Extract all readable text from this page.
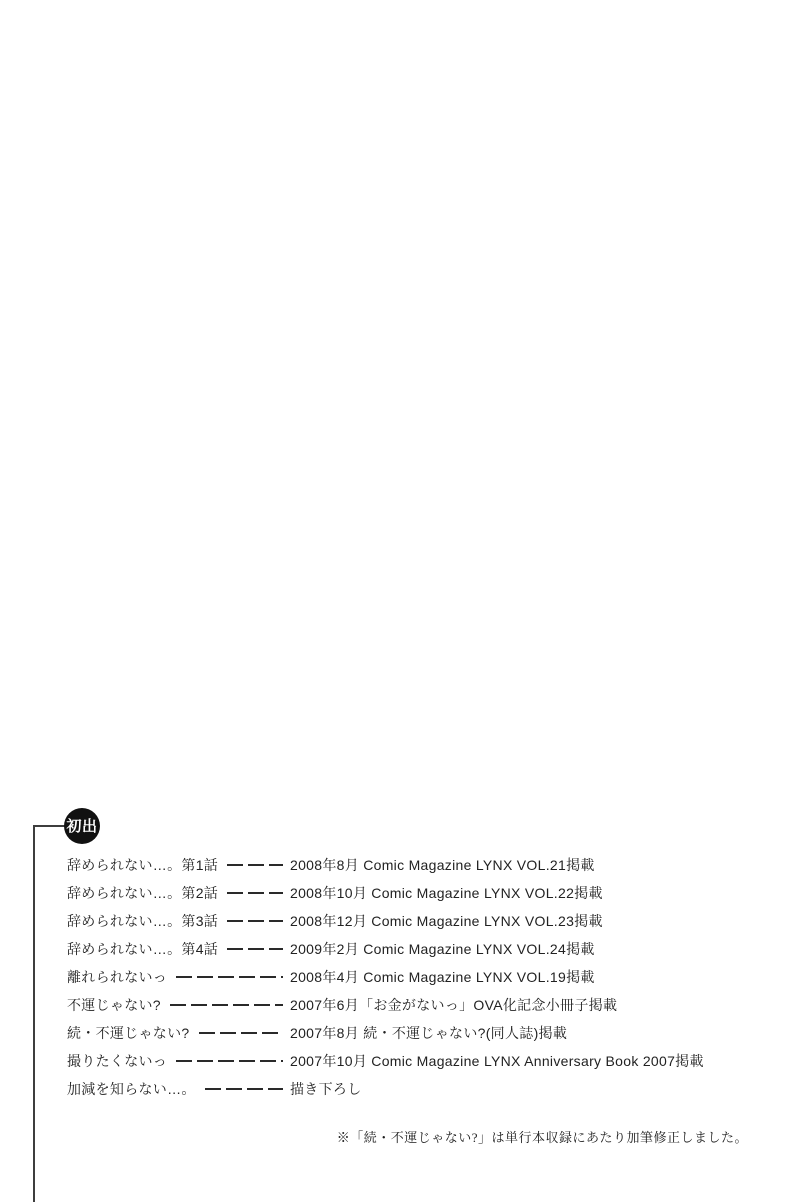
初出
辞められない…。第1話	2008年8月 Comic Magazine LYNX VOL.21掲載
辞められない…。第2話	2008年10月 Comic Magazine LYNX VOL.22掲載
辞められない…。第3話	2008年12月 Comic Magazine LYNX VOL.23掲載
辞められない…。第4話	2009年2月 Comic Magazine LYNX VOL.24掲載
離れられないっ	2008年4月 Comic Magazine LYNX VOL.19掲載
不運じゃない?	2007年6月「お金がないっ」OVA化記念小冊子掲載
続・不運じゃない?	2007年8月 続・不運じゃない?(同人誌)掲載
撮りたくないっ	2007年10月 Comic Magazine LYNX Anniversary Book 2007掲載
加減を知らない…。	描き下ろし
※「続・不運じゃない?」は単行本収録にあたり加筆修正しました。
